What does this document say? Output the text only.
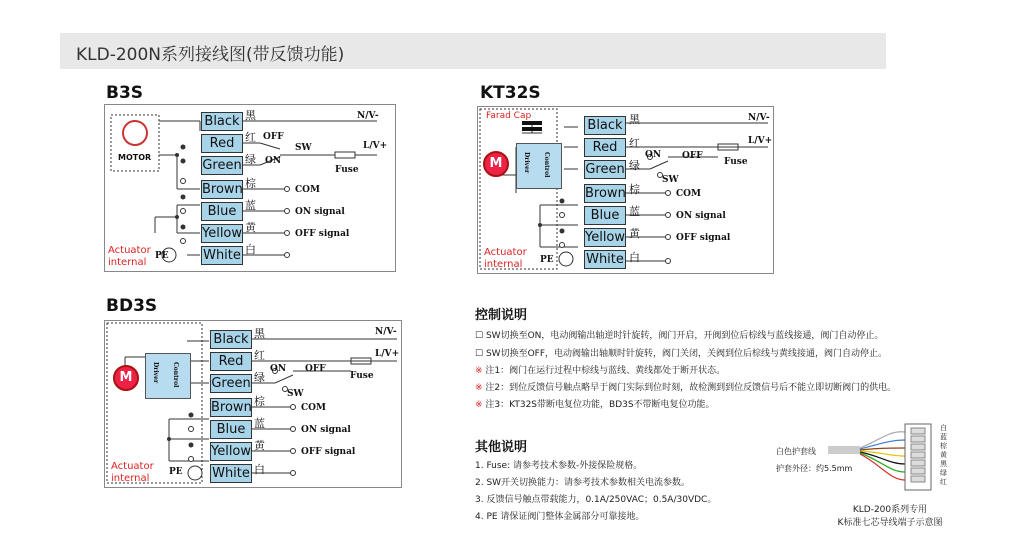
KLD-200N系列接线图(带反馈功能)
B3S
M
MOTOR
Black
Red
Green
Brown
Blue
Yellow
White
黑
红
绿
棕
蓝
黄
白
N/V-
L/V+
OFF
ON
SW
Fuse
COM
ON signal
OFF signal
PE
Actuator
internal
KT32S
Farad Cap
M	Driver Control
Black
Red
Green
Brown
Blue
Yellow
White
黑
红
绿
棕
蓝
黄
白
N/V-
L/V+
ON OFF
SW
Fuse
COM
ON signal
OFF signal
PE
Actuator
internal
BD3S
M	Driver Control
Black
Red
Green
Brown
Blue
Yellow
White
黑
红
绿
棕
蓝
黄
白
N/V-
L/V+
ON OFF
SW
Fuse
COM
ON signal
OFF signal
PE
Actuator
internal
控制说明
☐ SW切换至ON，电动阀输出轴逆时针旋转，阀门开启，开阀到位后棕线与蓝线接通，阀门自动停止。
☐ SW切换至OFF，电动阀输出轴顺时针旋转，阀门关闭，关阀到位后棕线与黄线接通，阀门自动停止。
※ 注1：阀门在运行过程中棕线与蓝线、黄线都处于断开状态。
※ 注2：到位反馈信号触点略早于阀门实际到位时刻，故检测到到位反馈信号后不能立即切断阀门的供电。
※ 注3：KT32S带断电复位功能，BD3S不带断电复位功能。
其他说明
1. Fuse: 请参考技术参数-外接保险规格。
2. SW开关切换能力：请参考技术参数相关电流参数。
3. 反馈信号触点带载能力，0.1A/250VAC；0.5A/30VDC。
4. PE 请保证阀门整体金属部分可靠接地。
白色护套线
护套外径：约5.5mm
白
蓝
棕
黄
黑
绿
红
KLD-200系列专用
K标准七芯导线端子示意图
